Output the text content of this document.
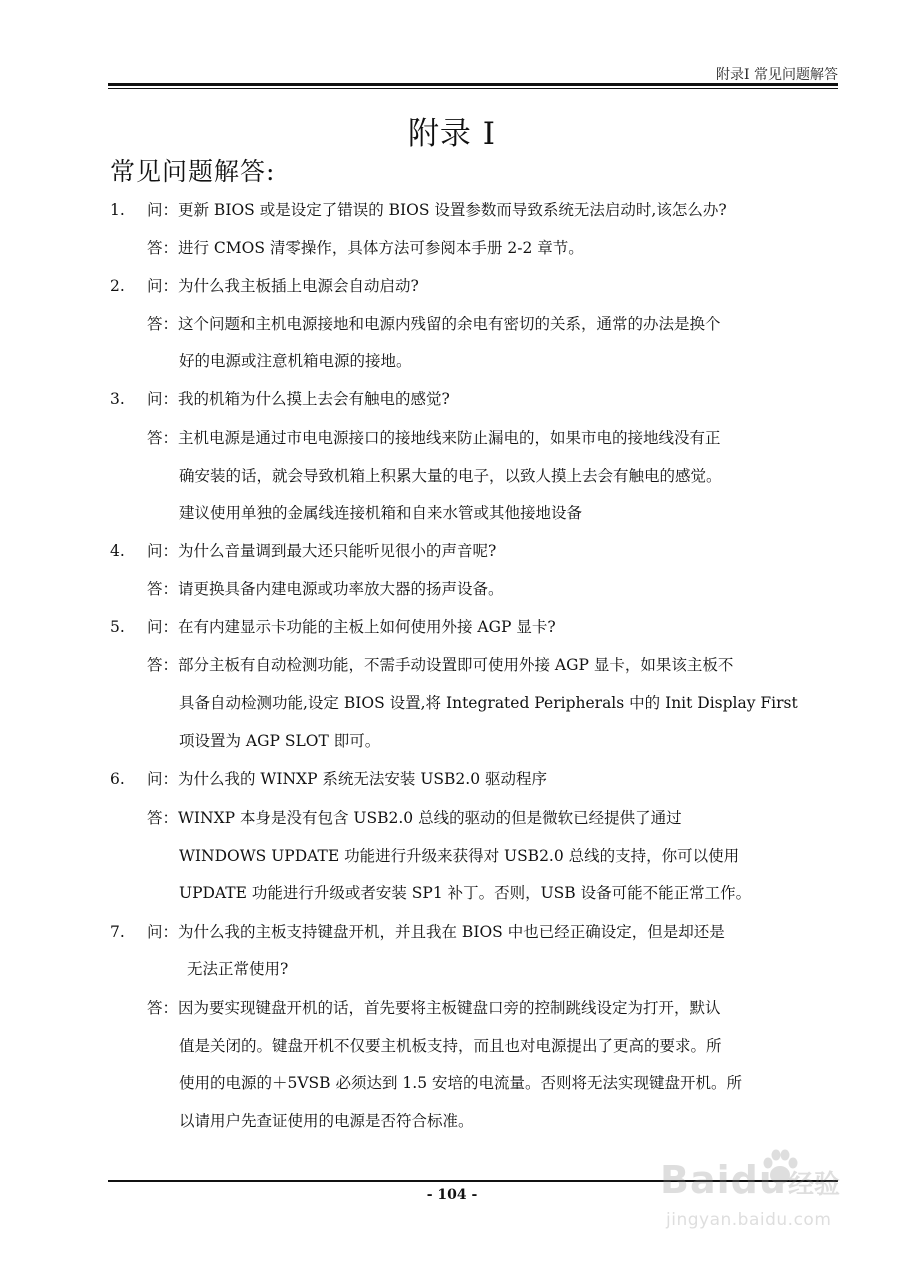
附录I 常见问题解答
附录 I
常见问题解答:
1. 问：更新 BIOS 或是设定了错误的 BIOS 设置参数而导致系统无法启动时,该怎么办?
答：进行 CMOS 清零操作，具体方法可参阅本手册 2-2 章节。
2. 问：为什么我主板插上电源会自动启动?
答：这个问题和主机电源接地和电源内残留的余电有密切的关系，通常的办法是换个
好的电源或注意机箱电源的接地。
3. 问：我的机箱为什么摸上去会有触电的感觉?
答：主机电源是通过市电电源接口的接地线来防止漏电的，如果市电的接地线没有正
确安装的话，就会导致机箱上积累大量的电子，以致人摸上去会有触电的感觉。
建议使用单独的金属线连接机箱和自来水管或其他接地设备
4. 问：为什么音量调到最大还只能听见很小的声音呢?
答：请更换具备内建电源或功率放大器的扬声设备。
5. 问：在有内建显示卡功能的主板上如何使用外接 AGP 显卡?
答：部分主板有自动检测功能，不需手动设置即可使用外接 AGP 显卡，如果该主板不
具备自动检测功能,设定 BIOS 设置,将 Integrated Peripherals 中的 Init Display First
项设置为 AGP SLOT 即可。
6. 问：为什么我的 WINXP 系统无法安装 USB2.0 驱动程序
答：WINXP 本身是没有包含 USB2.0 总线的驱动的但是微软已经提供了通过
WINDOWS UPDATE 功能进行升级来获得对 USB2.0 总线的支持，你可以使用
UPDATE 功能进行升级或者安装 SP1 补丁。否则，USB 设备可能不能正常工作。
7. 问：为什么我的主板支持键盘开机，并且我在 BIOS 中也已经正确设定，但是却还是
无法正常使用?
答：因为要实现键盘开机的话，首先要将主板键盘口旁的控制跳线设定为打开，默认
值是关闭的。键盘开机不仅要主机板支持，而且也对电源提出了更高的要求。所
使用的电源的＋5VSB 必须达到 1.5 安培的电流量。否则将无法实现键盘开机。所
以请用户先查证使用的电源是否符合标准。
- 104 -	Baidu 经验
jingyan.baidu.com
